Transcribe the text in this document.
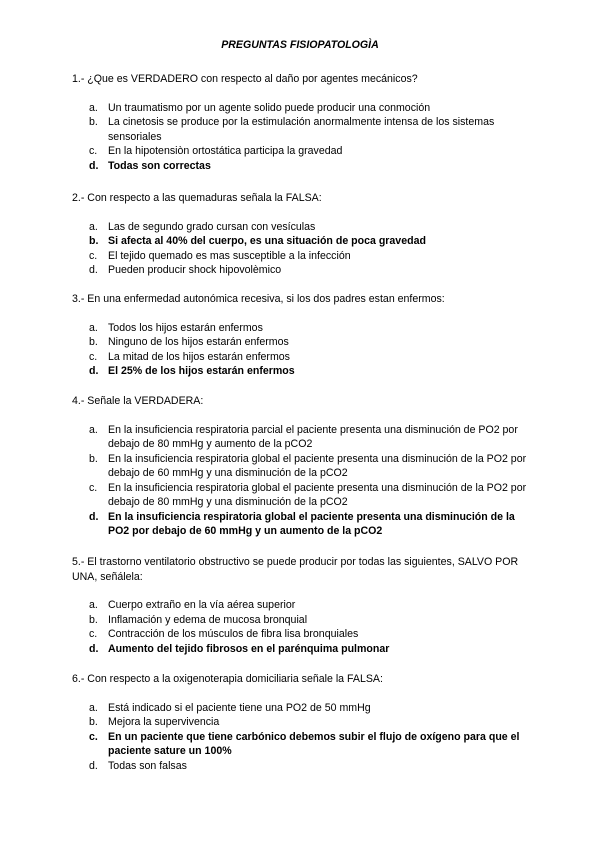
PREGUNTAS FISIOPATOLOGÌA

1.- ¿Que es VERDADERO con respecto al daño por agentes mecánicos?

a. Un traumatismo por un agente solido puede producir una conmoción
b. La cinetosis se produce por la estimulación anormalmente intensa de los sistemas sensoriales
c. En la hipotensiòn ortostática participa la gravedad
d. Todas son correctas

2.- Con respecto a las quemaduras señala la FALSA:

a. Las de segundo grado cursan con vesículas
b. Si afecta al 40% del cuerpo, es una situación de poca gravedad
c. El tejido quemado es mas susceptible a la infección
d. Pueden producir shock hipovolèmico

3.- En una enfermedad autonómica recesiva, si los dos padres estan enfermos:

a. Todos los hijos estarán enfermos
b. Ninguno de los hijos estarán enfermos
c. La mitad de los hijos estarán enfermos
d. El 25% de los hijos estarán enfermos

4.- Señale la VERDADERA:

a. En la insuficiencia respiratoria parcial el paciente presenta una disminución de PO2 por debajo de 80 mmHg y aumento de la pCO2
b. En la insuficiencia respiratoria global el paciente presenta una disminución de la PO2 por debajo de 60 mmHg y una disminución de la pCO2
c. En la insuficiencia respiratoria global el paciente presenta una disminución de la PO2 por debajo de 80 mmHg y una disminución de la pCO2
d. En la insuficiencia respiratoria global el paciente presenta una disminución de la PO2 por debajo de 60 mmHg y un aumento de la pCO2

5.- El trastorno ventilatorio obstructivo se puede producir por todas las siguientes, SALVO POR UNA, señálela:

a. Cuerpo extraño en la vía aérea superior
b. Inflamación y edema de mucosa bronquial
c. Contracción de los músculos de fibra lisa bronquiales
d. Aumento del tejido fibrosos en el parénquima pulmonar

6.- Con respecto a la oxigenoterapia domiciliaria señale la FALSA:

a. Está indicado si el paciente tiene una PO2 de 50 mmHg
b. Mejora la supervivencia
c. En un paciente que tiene carbónico debemos subir el flujo de oxígeno para que el paciente sature un 100%
d. Todas son falsas
